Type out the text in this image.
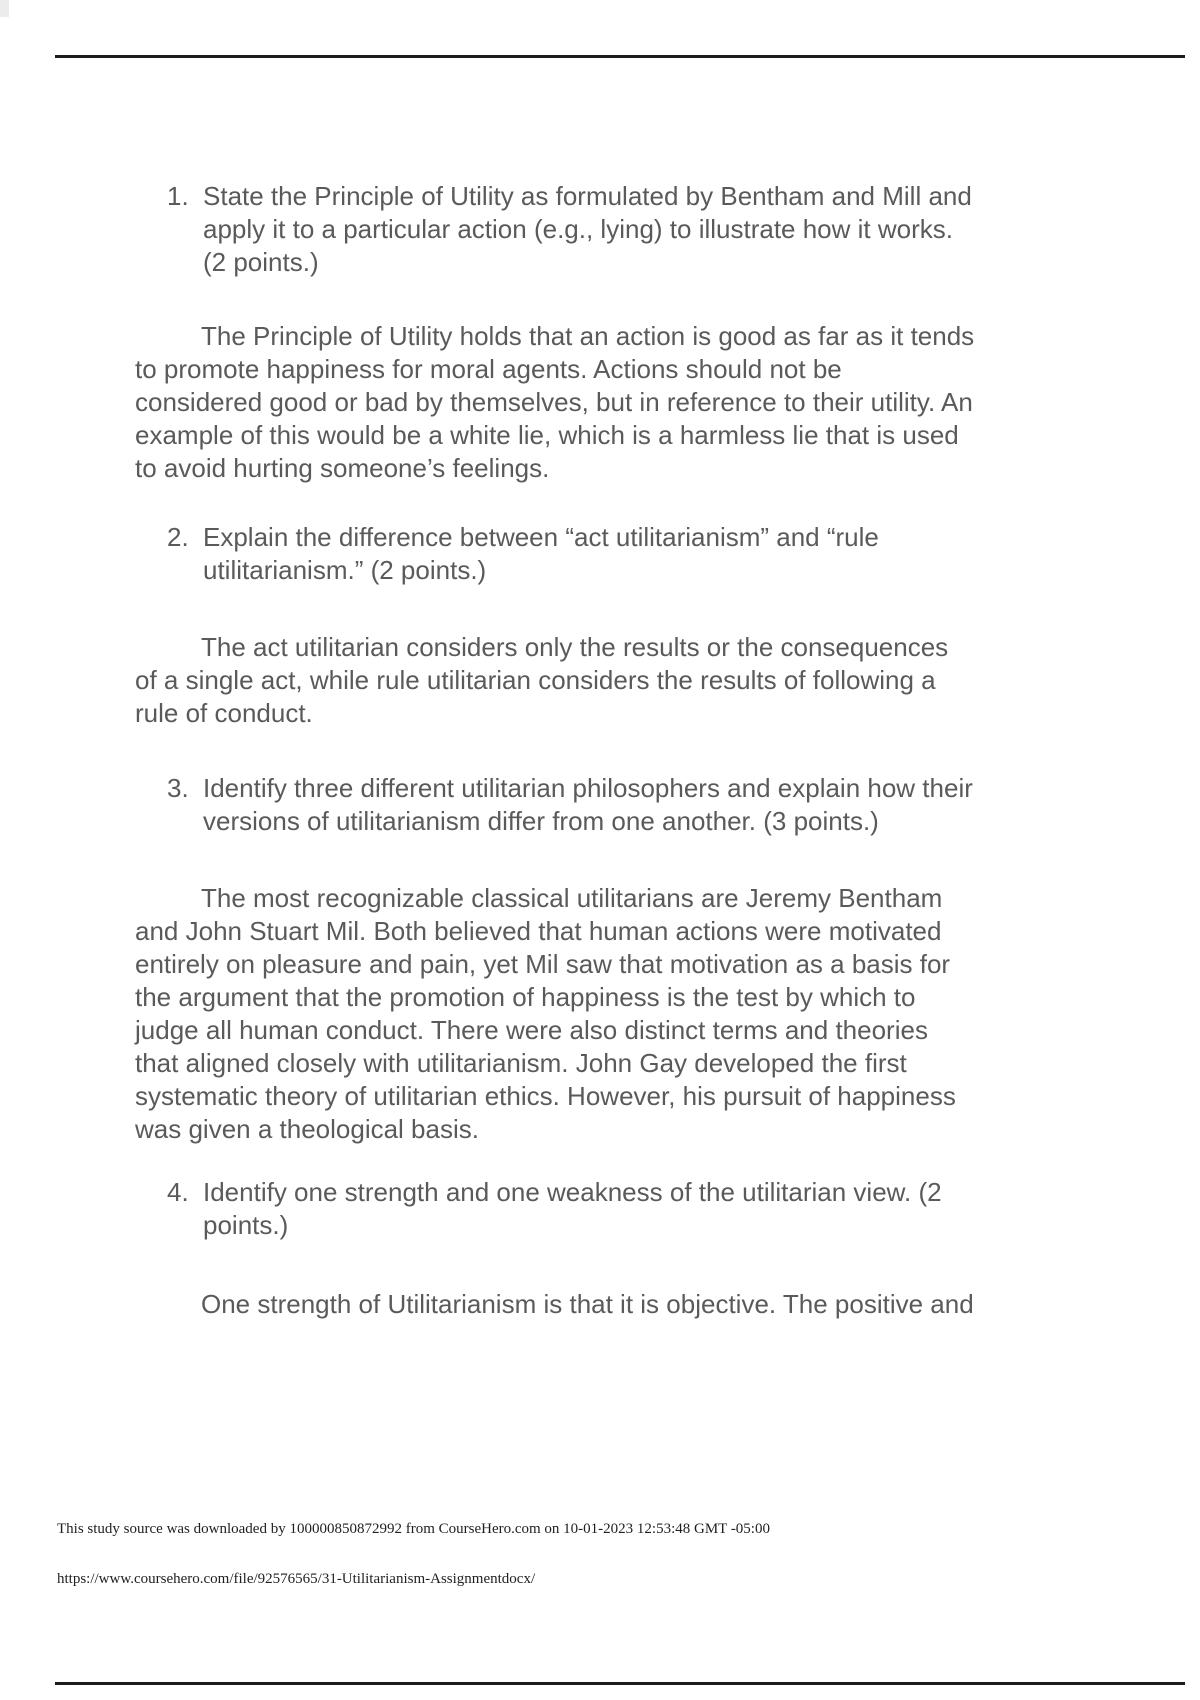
1. State the Principle of Utility as formulated by Bentham and Mill and
apply it to a particular action (e.g., lying) to illustrate how it works.
(2 points.)
The Principle of Utility holds that an action is good as far as it tends
to promote happiness for moral agents. Actions should not be
considered good or bad by themselves, but in reference to their utility. An
example of this would be a white lie, which is a harmless lie that is used
to avoid hurting someone’s feelings.
2. Explain the difference between “act utilitarianism” and “rule
utilitarianism.” (2 points.)
The act utilitarian considers only the results or the consequences
of a single act, while rule utilitarian considers the results of following a
rule of conduct.
3. Identify three different utilitarian philosophers and explain how their
versions of utilitarianism differ from one another. (3 points.)
The most recognizable classical utilitarians are Jeremy Bentham
and John Stuart Mil. Both believed that human actions were motivated
entirely on pleasure and pain, yet Mil saw that motivation as a basis for
the argument that the promotion of happiness is the test by which to
judge all human conduct. There were also distinct terms and theories
that aligned closely with utilitarianism. John Gay developed the first
systematic theory of utilitarian ethics. However, his pursuit of happiness
was given a theological basis.
4. Identify one strength and one weakness of the utilitarian view. (2
points.)
One strength of Utilitarianism is that it is objective. The positive and
This study source was downloaded by 100000850872992 from CourseHero.com on 10-01-2023 12:53:48 GMT -05:00
https://www.coursehero.com/file/92576565/31-Utilitarianism-Assignmentdocx/
